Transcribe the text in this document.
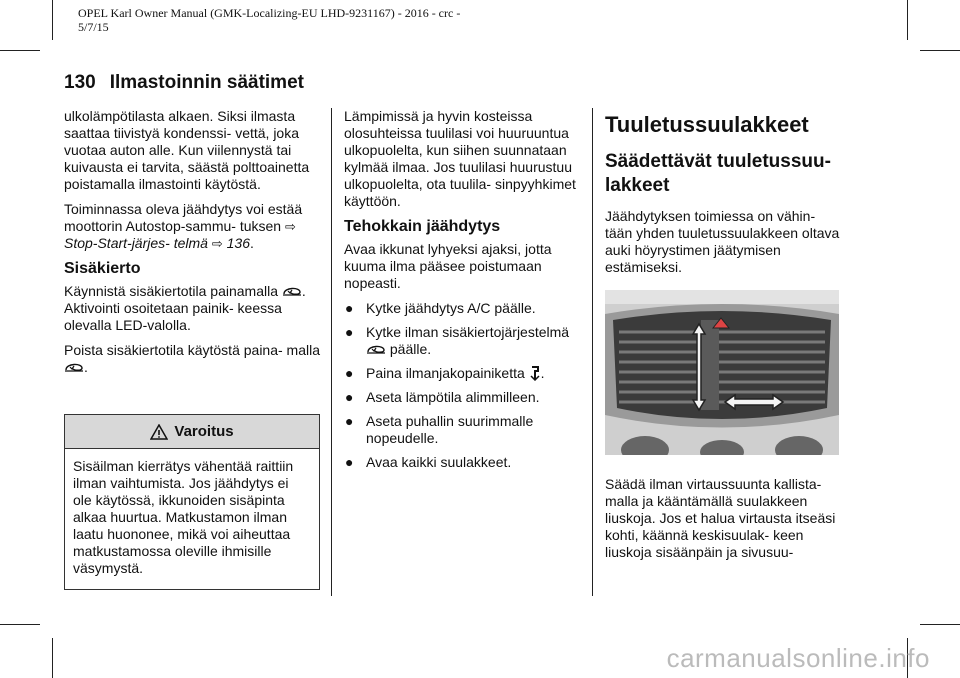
OPEL Karl Owner Manual (GMK-Localizing-EU LHD-9231167) - 2016 - crc -
5/7/15
130 Ilmastoinnin säätimet

ulkolämpötilasta alkaen. Siksi ilmasta saattaa tiivistyä kondenssi- vettä, joka vuotaa auton alle. Kun viilennystä tai kuivausta ei tarvita, säästä polttoainetta poistamalla ilmastointi käytöstä.

Toiminnassa oleva jäähdytys voi estää moottorin Autostop-sammu- tuksen ⇨ Stop-Start-järjes- telmä ⇨ 136.

Sisäkierto

Käynnistä sisäkiertotila painamalla . Aktivointi osoitetaan painik- keessa olevalla LED-valolla.

Poista sisäkiertotila käytöstä paina- malla .

Varoitus
Sisäilman kierrätys vähentää raittiin ilman vaihtumista. Jos jäähdytys ei ole käytössä, ikkunoiden sisäpinta alkaa huurtua. Matkustamon ilman laatu huononee, mikä voi aiheuttaa matkustamossa oleville ihmisille väsymystä.

Lämpimissä ja hyvin kosteissa olosuhteissa tuulilasi voi huuruuntua ulkopuolelta, kun siihen suunnataan kylmää ilmaa. Jos tuulilasi huurustuu ulkopuolelta, ota tuulila- sinpyyhkimet käyttöön.

Tehokkain jäähdytys

Avaa ikkunat lyhyeksi ajaksi, jotta kuuma ilma pääsee poistumaan nopeasti.

● Kytke jäähdytys A/C päälle.
● Kytke ilman sisäkiertojärjestelmä
päälle.
● Paina ilmanjakopainiketta .
● Aseta lämpötila alimmilleen.
● Aseta puhallin suurimmalle nopeudelle.
● Avaa kaikki suulakkeet.
Tuuletussuulakkeet
Säädettävät tuuletussuu- lakkeet

Jäähdytyksen toimiessa on vähin- tään yhden tuuletussuulakkeen oltava auki höyrystimen jäätymisen estämiseksi.

Säädä ilman virtaussuunta kallista- malla ja kääntämällä suulakkeen liuskoja. Jos et halua virtausta itseäsi kohti, käännä keskisuulak- keen liuskoja sisäänpäin ja sivusuu-

carmanualsonline.info
